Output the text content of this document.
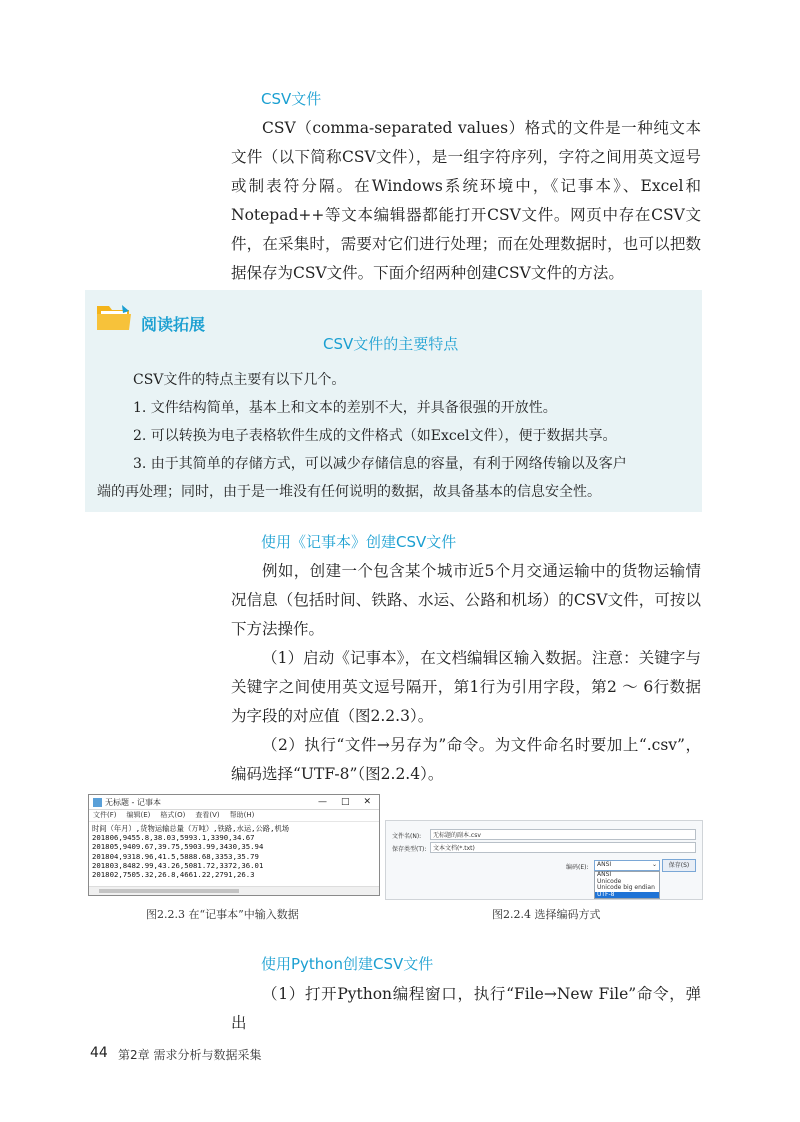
CSV文件

CSV（comma-separated values）格式的文件是一种纯文本文件（以下简称CSV文件），是一组字符序列，字符之间用英文逗号或制表符分隔。在Windows系统环境中，《记事本》、Excel和Notepad++等文本编辑器都能打开CSV文件。网页中存在CSV文件，在采集时，需要对它们进行处理；而在处理数据时，也可以把数据保存为CSV文件。下面介绍两种创建CSV文件的方法。

阅读拓展
CSV文件的主要特点

CSV文件的特点主要有以下几个。

1. 文件结构简单，基本上和文本的差别不大，并具备很强的开放性。

2. 可以转换为电子表格软件生成的文件格式（如Excel文件），便于数据共享。

3. 由于其简单的存储方式，可以减少存储信息的容量，有利于网络传输以及客户

端的再处理；同时，由于是一堆没有任何说明的数据，故具备基本的信息安全性。

使用《记事本》创建CSV文件

例如，创建一个包含某个城市近5个月交通运输中的货物运输情况信息（包括时间、铁路、水运、公路和机场）的CSV文件，可按以下方法操作。

（1）启动《记事本》，在文档编辑区输入数据。注意：关键字与关键字之间使用英文逗号隔开，第1行为引用字段，第2 ～ 6行数据为字段的对应值（图2.2.3）。

（2）执行“文件→另存为”命令。为文件命名时要加上“.csv”，编码选择“UTF-8”（图2.2.4）。

无标题 - 记事本	— □ ✕
文件(F) 编辑(E) 格式(O) 查看(V) 帮助(H)
时间（年月）,货物运输总量（万吨）,铁路,水运,公路,机场
201806,9455.8,38.03,5993.1,3390,34.67
201805,9409.67,39.75,5903.99,3430,35.94
201804,9318.96,41.5,5888.68,3353,35.79
201803,8482.99,43.26,5081.72,3372,36.01
201802,7505.32,26.8,4661.22,2791,26.3
图2.2.3 在“记事本”中输入数据
文件名(N):	无标题的副本.csv
保存类型(T):	文本文档(*.txt)
编码(E):	ANSI	⌄	保存(S)
ANSI
Unicode
Unicode big endian
UTF-8
图2.2.4 选择编码方式
使用Python创建CSV文件

（1）打开Python编程窗口，执行“File→New File”命令，弹出

44 第2章 需求分析与数据采集
